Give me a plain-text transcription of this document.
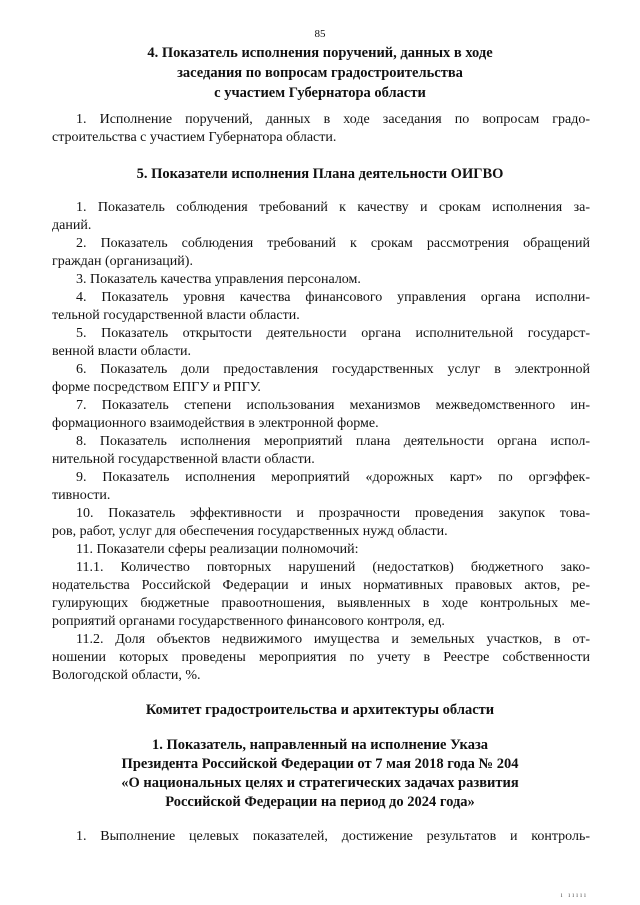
85
4. Показатель исполнения поручений, данных в ходе
заседания по вопросам градостроительства
с участием Губернатора области
1. Исполнение поручений, данных в ходе заседания по вопросам градо-
строительства с участием Губернатора области.
5. Показатели исполнения Плана деятельности ОИГВО
1. Показатель соблюдения требований к качеству и срокам исполнения за-
даний.
2. Показатель соблюдения требований к срокам рассмотрения обращений
граждан (организаций).
3. Показатель качества управления персоналом.
4. Показатель уровня качества финансового управления органа исполни-
тельной государственной власти области.
5. Показатель открытости деятельности органа исполнительной государст-
венной власти области.
6. Показатель доли предоставления государственных услуг в электронной
форме посредством ЕПГУ и РПГУ.
7. Показатель степени использования механизмов межведомственного ин-
формационного взаимодействия в электронной форме.
8. Показатель исполнения мероприятий плана деятельности органа испол-
нительной государственной власти области.
9. Показатель исполнения мероприятий «дорожных карт» по оргэффек-
тивности.
10. Показатель эффективности и прозрачности проведения закупок това-
ров, работ, услуг для обеспечения государственных нужд области.
11. Показатели сферы реализации полномочий:
11.1. Количество повторных нарушений (недостатков) бюджетного зако-
нодательства Российской Федерации и иных нормативных правовых актов, ре-
гулирующих бюджетные правоотношения, выявленных в ходе контрольных ме-
роприятий органами государственного финансового контроля, ед.
11.2. Доля объектов недвижимого имущества и земельных участков, в от-
ношении которых проведены мероприятия по учету в Реестре собственности
Вологодской области, %.
Комитет градостроительства и архитектуры области
1. Показатель, направленный на исполнение Указа
Президента Российской Федерации от 7 мая 2018 года № 204
«О национальных целях и стратегических задачах развития
Российской Федерации на период до 2024 года»
1. Выполнение целевых показателей, достижение результатов и контроль-
ı ııııı
